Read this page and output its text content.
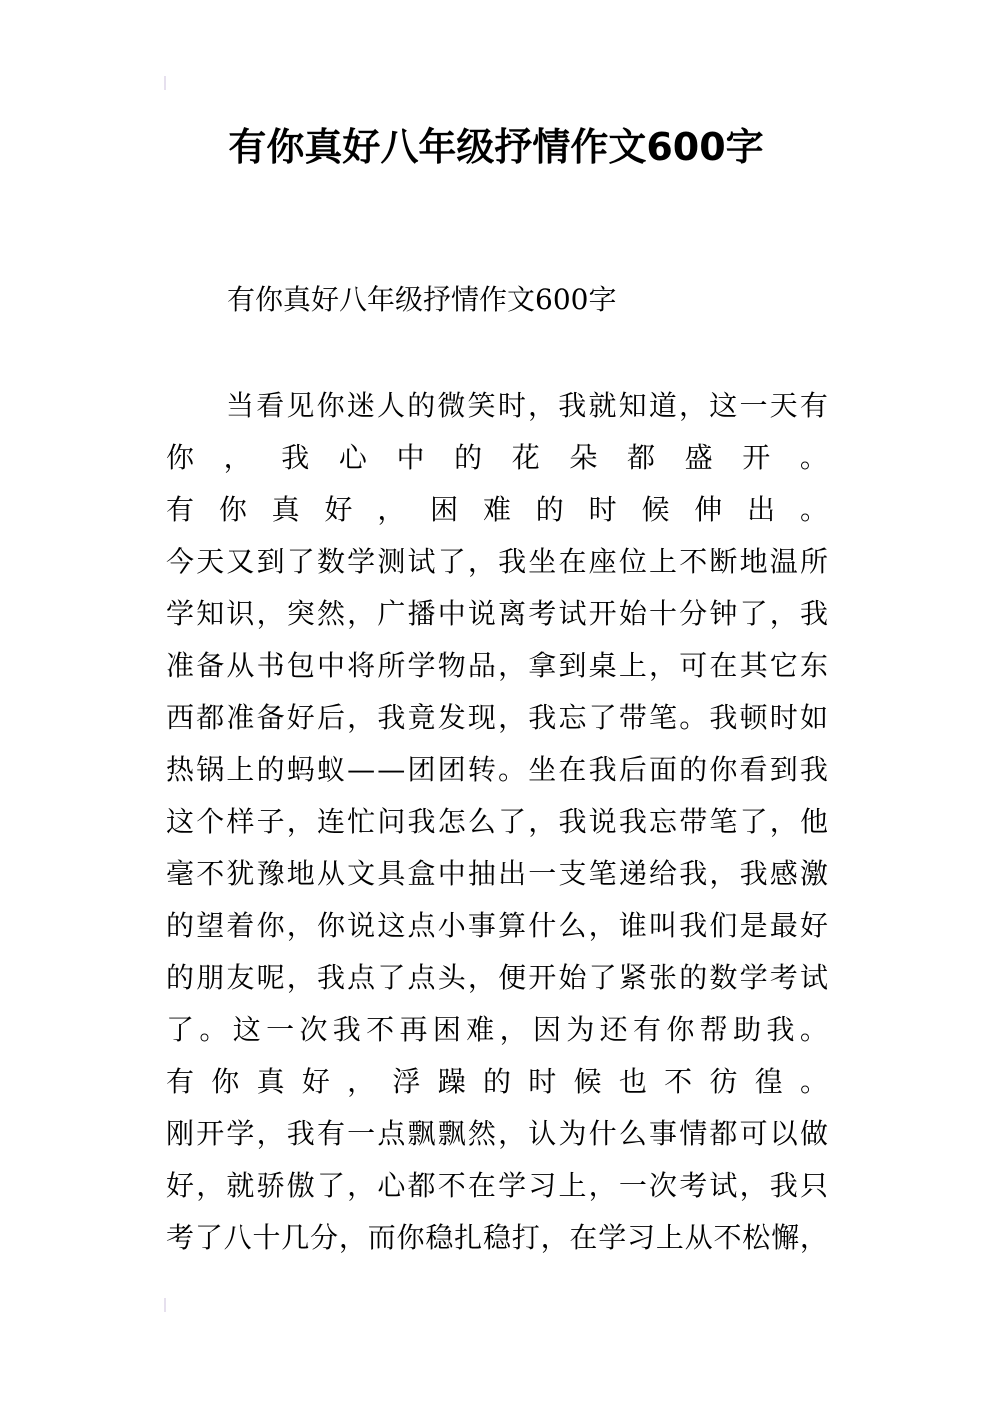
有你真好八年级抒情作文600字
有你真好八年级抒情作文600字
当 看 见 你 迷 人 的 微 笑 时 ， 我 就 知 道 ， 这 一 天 有
你 ， 我 心 中 的 花 朵 都 盛 开 。
有 你 真 好 ， 困 难 的 时 候 伸 出 。
今 天 又 到 了 数 学 测 试 了 ， 我 坐 在 座 位 上 不 断 地 温 所
学 知 识 ， 突 然 ， 广 播 中 说 离 考 试 开 始 十 分 钟 了 ， 我
准 备 从 书 包 中 将 所 学 物 品 ， 拿 到 桌 上 ， 可 在 其 它 东
西 都 准 备 好 后 ， 我 竟 发 现 ， 我 忘 了 带 笔 。 我 顿 时 如
热 锅 上 的 蚂 蚁 — — 团 团 转 。 坐 在 我 后 面 的 你 看 到 我
这 个 样 子 ， 连 忙 问 我 怎 么 了 ， 我 说 我 忘 带 笔 了 ， 他
毫 不 犹 豫 地 从 文 具 盒 中 抽 出 一 支 笔 递 给 我 ， 我 感 激
的 望 着 你 ， 你 说 这 点 小 事 算 什 么 ， 谁 叫 我 们 是 最 好
的 朋 友 呢 ， 我 点 了 点 头 ， 便 开 始 了 紧 张 的 数 学 考 试
了 。 这 一 次 我 不 再 困 难 ， 因 为 还 有 你 帮 助 我 。
有 你 真 好 ， 浮 躁 的 时 候 也 不 彷 徨 。
刚 开 学 ， 我 有 一 点 飘 飘 然 ， 认 为 什 么 事 情 都 可 以 做
好 ， 就 骄 傲 了 ， 心 都 不 在 学 习 上 ， 一 次 考 试 ， 我 只
考 了 八 十 几 分 ， 而 你 稳 扎 稳 打 ， 在 学 习 上 从 不 松 懈 ，
